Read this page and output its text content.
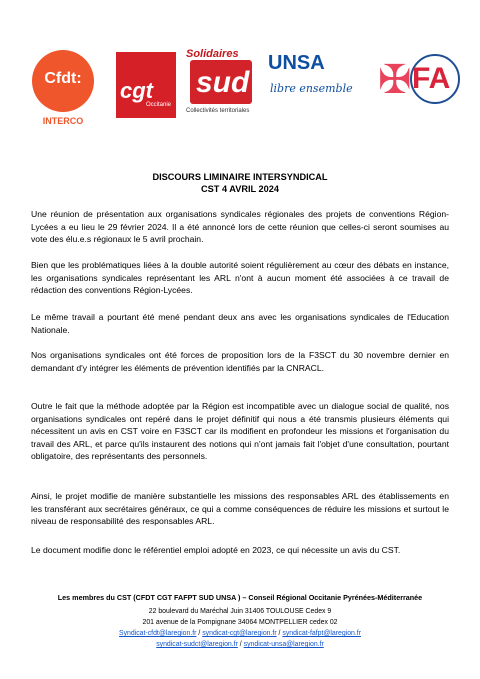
Cfdt:
INTERCO
cgt
Occitanie
Solidaires
sud
Collectivités territoriales
UNSA
libre ensemble ✠ FA
DISCOURS LIMINAIRE INTERSYNDICAL
CST 4 AVRIL 2024
Une réunion de présentation aux organisations syndicales régionales des projets de conventions Région-Lycées a eu lieu le 29 février 2024. Il a été annoncé lors de cette réunion que celles-ci seront soumises au vote des élu.e.s régionaux le 5 avril prochain.
Bien que les problématiques liées à la double autorité soient régulièrement au cœur des débats en instance, les organisations syndicales représentant les ARL n'ont à aucun moment été associées à ce travail de rédaction des conventions Région-Lycées.
Le même travail a pourtant été mené pendant deux ans avec les organisations syndicales de l'Education Nationale.
Nos organisations syndicales ont été forces de proposition lors de la F3SCT du 30 novembre dernier en demandant d'y intégrer les éléments de prévention identifiés par la CNRACL.
Outre le fait que la méthode adoptée par la Région est incompatible avec un dialogue social de qualité, nos organisations syndicales ont repéré dans le projet définitif qui nous a été transmis plusieurs éléments qui nécessitent un avis en CST voire en F3SCT car ils modifient en profondeur les missions et l'organisation du travail des ARL, et parce qu'ils instaurent des notions qui n'ont jamais fait l'objet d'une consultation, pourtant obligatoire, des représentants des personnels.
Ainsi, le projet modifie de manière substantielle les missions des responsables ARL des établissements en les transférant aux secrétaires généraux, ce qui a comme conséquences de réduire les missions et surtout le niveau de responsabilité des responsables ARL.
Le document modifie donc le référentiel emploi adopté en 2023, ce qui nécessite un avis du CST.
Les membres du CST (CFDT CGT FAFPT SUD UNSA ) – Conseil Régional Occitanie Pyrénées-Méditerranée
22 boulevard du Maréchal Juin 31406 TOULOUSE Cedex 9
201 avenue de la Pompignane 34064 MONTPELLIER cedex 02
Syndicat-cfdt@laregion.fr / syndicat-cgt@laregion.fr / syndicat-fafpt@laregion.fr
syndicat-sudct@laregion.fr / syndicat-unsa@laregion.fr
